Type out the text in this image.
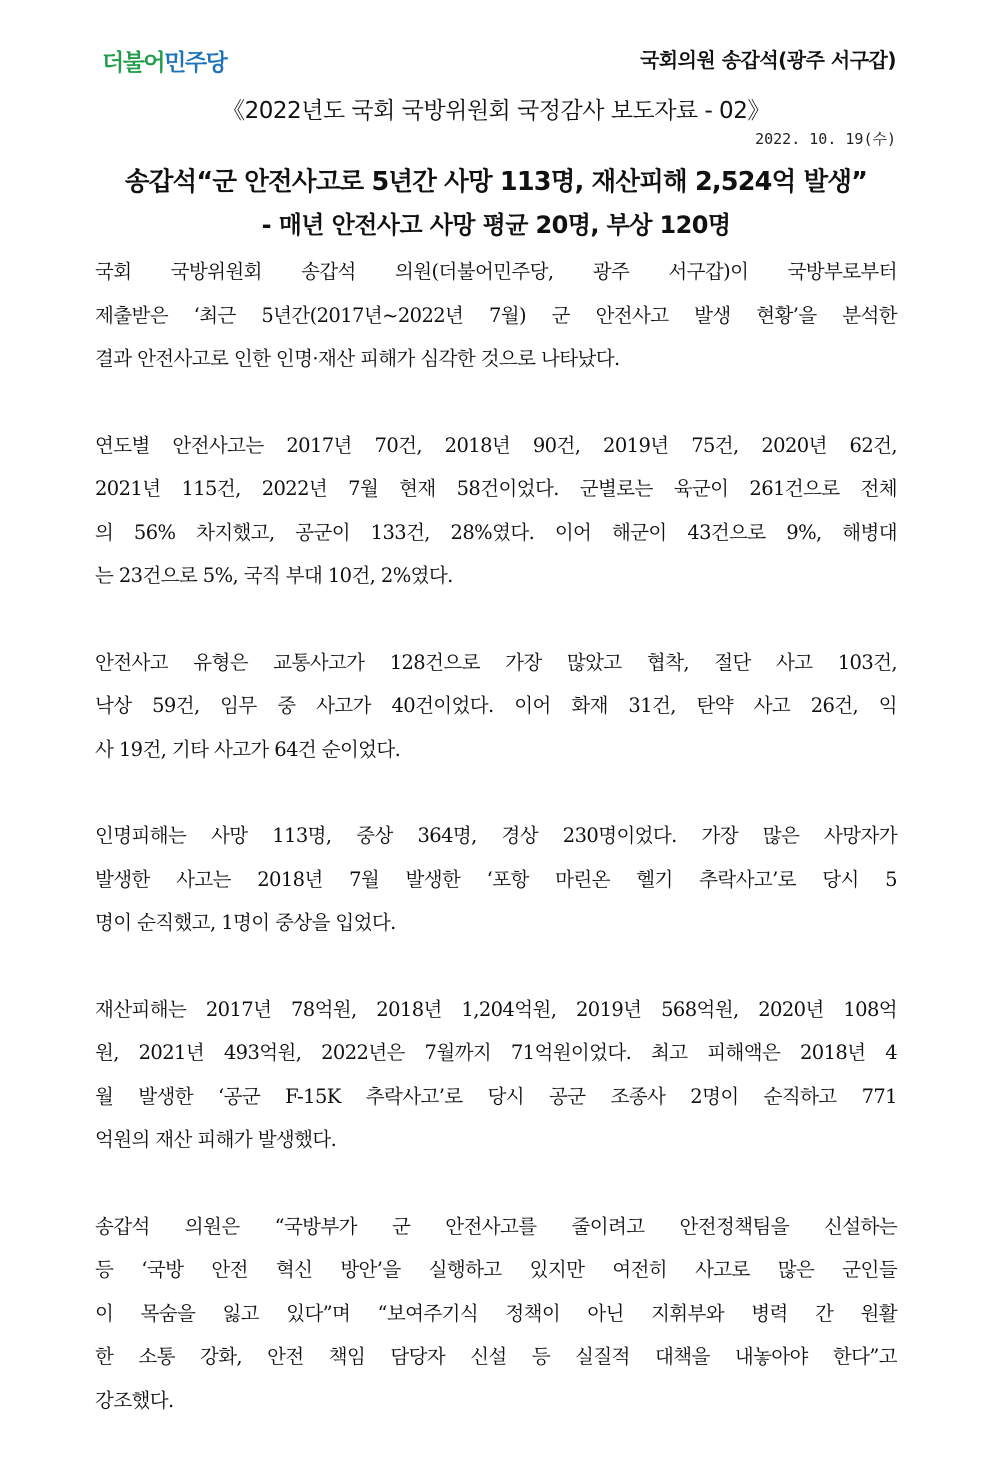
더불어민주당	국회의원 송갑석(광주 서구갑)
《2022년도 국회 국방위원회 국정감사 보도자료 - 02》
2022. 10. 19(수)
송갑석“군 안전사고로 5년간 사망 113명, 재산피해 2,524억 발생”
- 매년 안전사고 사망 평균 20명, 부상 120명
국회 국방위원회 송갑석 의원(더불어민주당, 광주 서구갑)이 국방부로부터
제출받은 ‘최근 5년간(2017년~2022년 7월) 군 안전사고 발생 현황’을 분석한
결과 안전사고로 인한 인명·재산 피해가 심각한 것으로 나타났다.
연도별 안전사고는 2017년 70건, 2018년 90건, 2019년 75건, 2020년 62건,
2021년 115건, 2022년 7월 현재 58건이었다. 군별로는 육군이 261건으로 전체
의 56% 차지했고, 공군이 133건, 28%였다. 이어 해군이 43건으로 9%, 해병대
는 23건으로 5%, 국직 부대 10건, 2%였다.
안전사고 유형은 교통사고가 128건으로 가장 많았고 협착, 절단 사고 103건,
낙상 59건, 임무 중 사고가 40건이었다. 이어 화재 31건, 탄약 사고 26건, 익
사 19건, 기타 사고가 64건 순이었다.
인명피해는 사망 113명, 중상 364명, 경상 230명이었다. 가장 많은 사망자가
발생한 사고는 2018년 7월 발생한 ‘포항 마린온 헬기 추락사고’로 당시 5
명이 순직했고, 1명이 중상을 입었다.
재산피해는 2017년 78억원, 2018년 1,204억원, 2019년 568억원, 2020년 108억
원, 2021년 493억원, 2022년은 7월까지 71억원이었다. 최고 피해액은 2018년 4
월 발생한 ‘공군 F-15K 추락사고’로 당시 공군 조종사 2명이 순직하고 771
억원의 재산 피해가 발생했다.
송갑석 의원은 “국방부가 군 안전사고를 줄이려고 안전정책팀을 신설하는
등 ‘국방 안전 혁신 방안’을 실행하고 있지만 여전히 사고로 많은 군인들
이 목숨을 잃고 있다”며 “보여주기식 정책이 아닌 지휘부와 병력 간 원활
한 소통 강화, 안전 책임 담당자 신설 등 실질적 대책을 내놓아야 한다”고
강조했다.
